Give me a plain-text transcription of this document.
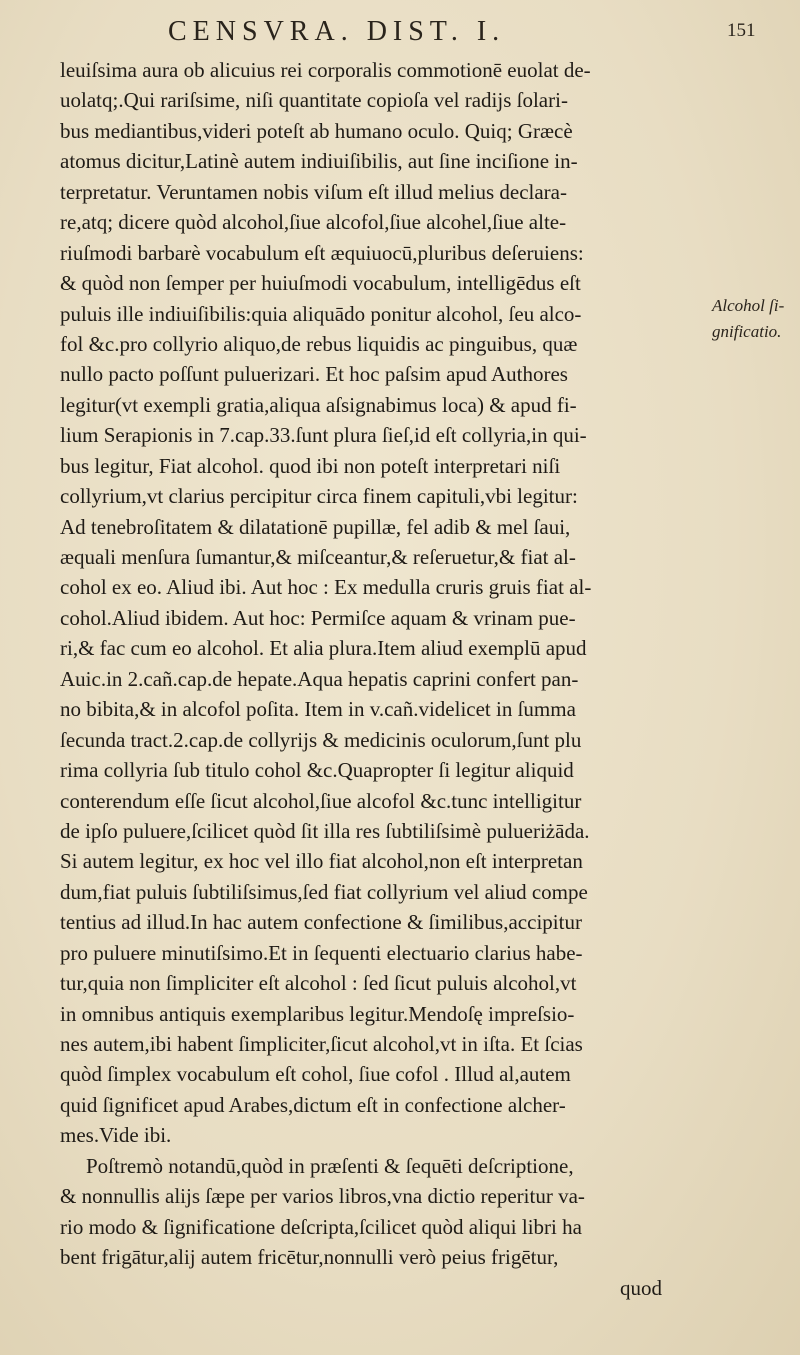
CENSVRA. DIST. I.	151
Alcohol ſi-
gnificatio.
leuiſsima aura ob alicuius rei corporalis commotionē euolat de-
uolatq;.Qui rariſsime, niſi quantitate copioſa vel radijs ſolari-
bus mediantibus,videri poteſt ab humano oculo. Quiq; Græcè
atomus dicitur,Latinè autem indiuiſibilis, aut ſine inciſione in-
terpretatur. Veruntamen nobis viſum eſt illud melius declara-
re,atq; dicere quòd alcohol,ſiue alcofol,ſiue alcohel,ſiue alte-
riuſmodi barbarè vocabulum eſt æquiuocū,pluribus deſeruiens:
& quòd non ſemper per huiuſmodi vocabulum, intelligēdus eſt
puluis ille indiuiſibilis:quia aliquādo ponitur alcohol, ſeu alco-
fol &c.pro collyrio aliquo,de rebus liquidis ac pinguibus, quæ
nullo pacto poſſunt puluerizari. Et hoc paſsim apud Authores
legitur(vt exempli gratia,aliqua aſsignabimus loca) & apud fi-
lium Serapionis in 7.cap.33.ſunt plura ſieſ,id eſt collyria,in qui-
bus legitur, Fiat alcohol. quod ibi non poteſt interpretari niſi
collyrium,vt clarius percipitur circa finem capituli,vbi legitur:
Ad tenebroſitatem & dilatationē pupillæ, fel adib & mel ſaui,
æquali menſura ſumantur,& miſceantur,& reſeruetur,& fiat al-
cohol ex eo. Aliud ibi. Aut hoc : Ex medulla cruris gruis fiat al-
cohol.Aliud ibidem. Aut hoc: Permiſce aquam & vrinam pue-
ri,& fac cum eo alcohol. Et alia plura.Item aliud exemplū apud
Auic.in 2.cañ.cap.de hepate.Aqua hepatis caprini confert pan-
no bibita,& in alcofol poſita. Item in v.cañ.videlicet in ſumma
ſecunda tract.2.cap.de collyrijs & medicinis oculorum,ſunt plu
rima collyria ſub titulo cohol &c.Quapropter ſi legitur aliquid
conterendum eſſe ſicut alcohol,ſiue alcofol &c.tunc intelligitur
de ipſo puluere,ſcilicet quòd ſit illa res ſubtiliſsimè pulueriżāda.
Si autem legitur, ex hoc vel illo fiat alcohol,non eſt interpretan
dum,fiat puluis ſubtiliſsimus,ſed fiat collyrium vel aliud compe
tentius ad illud.In hac autem confectione & ſimilibus,accipitur
pro puluere minutiſsimo.Et in ſequenti electuario clarius habe-
tur,quia non ſimpliciter eſt alcohol : ſed ſicut puluis alcohol,vt
in omnibus antiquis exemplaribus legitur.Mendoſę impreſsio-
nes autem,ibi habent ſimpliciter,ſicut alcohol,vt in iſta. Et ſcias
quòd ſimplex vocabulum eſt cohol, ſiue cofol . Illud al,autem
quid ſignificet apud Arabes,dictum eſt in confectione alcher-
mes.Vide ibi.
Poſtremò notandū,quòd in præſenti & ſequēti deſcriptione,
& nonnullis alijs ſæpe per varios libros,vna dictio reperitur va-
rio modo & ſignificatione deſcripta,ſcilicet quòd aliqui libri ha
bent frigātur,alij autem fricētur,nonnulli verò peius frigētur,
quod
